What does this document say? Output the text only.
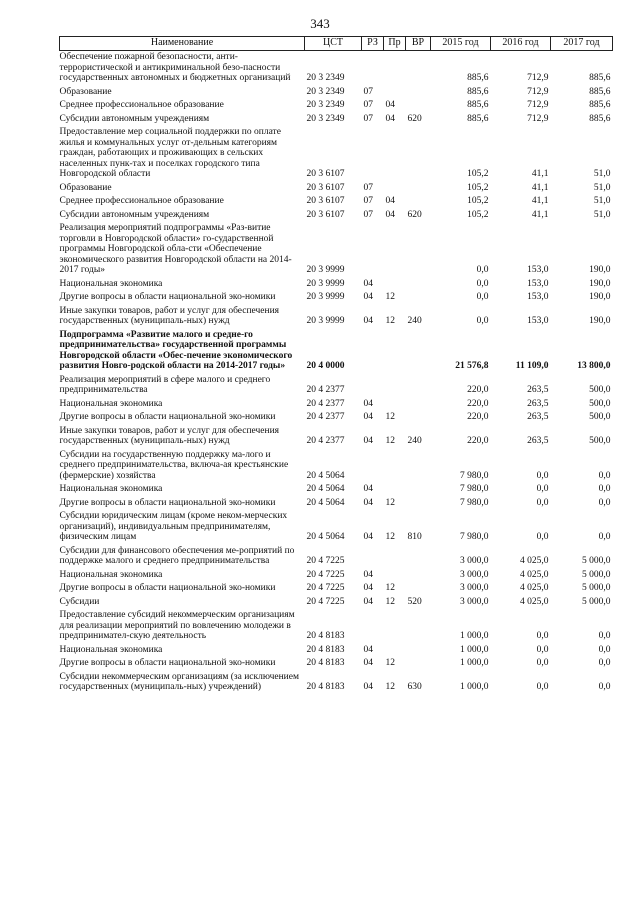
343
Наименование	ЦСТ	РЗ	Пр	ВР	2015 год	2016 год	2017 год
Обеспечение пожарной безопасности, анти-террористической и антикриминальной безо-пасности государственных автономных и бюджетных организаций	20 3 2349				885,6	712,9	885,6
Образование	20 3 2349	07			885,6	712,9	885,6
Среднее профессиональное образование	20 3 2349	07	04		885,6	712,9	885,6
Субсидии автономным учреждениям	20 3 2349	07	04	620	885,6	712,9	885,6
Предоставление мер социальной поддержки по оплате жилья и коммунальных услуг от-дельным категориям граждан, работающих и проживающих в сельских населенных пунк-тах и поселках городского типа Новгородской области	20 3 6107				105,2	41,1	51,0
Образование	20 3 6107	07			105,2	41,1	51,0
Среднее профессиональное образование	20 3 6107	07	04		105,2	41,1	51,0
Субсидии автономным учреждениям	20 3 6107	07	04	620	105,2	41,1	51,0
Реализация мероприятий подпрограммы «Раз-витие торговли в Новгородской области» го-сударственной программы Новгородской обла-сти «Обеспечение экономического развития Новгородской области на 2014-2017 годы»	20 3 9999				0,0	153,0	190,0
Национальная экономика	20 3 9999	04			0,0	153,0	190,0
Другие вопросы в области национальной эко-номики	20 3 9999	04	12		0,0	153,0	190,0
Иные закупки товаров, работ и услуг для обеспечения государственных (муниципаль-ных) нужд	20 3 9999	04	12	240	0,0	153,0	190,0
Подпрограмма «Развитие малого и средне-го предпринимательства» государственной программы Новгородской области «Обес-печение экономического развития Новго-родской области на 2014-2017 годы»	20 4 0000				21 576,8	11 109,0	13 800,0
Реализация мероприятий в сфере малого и среднего предпринимательства	20 4 2377				220,0	263,5	500,0
Национальная экономика	20 4 2377	04			220,0	263,5	500,0
Другие вопросы в области национальной эко-номики	20 4 2377	04	12		220,0	263,5	500,0
Иные закупки товаров, работ и услуг для обеспечения государственных (муниципаль-ных) нужд	20 4 2377	04	12	240	220,0	263,5	500,0
Субсидии на государственную поддержку ма-лого и среднего предпринимательства, включа-ая крестьянские (фермерские) хозяйства	20 4 5064				7 980,0	0,0	0,0
Национальная экономика	20 4 5064	04			7 980,0	0,0	0,0
Другие вопросы в области национальной эко-номики	20 4 5064	04	12		7 980,0	0,0	0,0
Субсидии юридическим лицам (кроме неком-мерческих организаций), индивидуальным предпринимателям, физическим лицам	20 4 5064	04	12	810	7 980,0	0,0	0,0
Субсидии для финансового обеспечения ме-роприятий по поддержке малого и среднего предпринимательства	20 4 7225				3 000,0	4 025,0	5 000,0
Национальная экономика	20 4 7225	04			3 000,0	4 025,0	5 000,0
Другие вопросы в области национальной эко-номики	20 4 7225	04	12		3 000,0	4 025,0	5 000,0
Субсидии	20 4 7225	04	12	520	3 000,0	4 025,0	5 000,0
Предоставление субсидий некоммерческим организациям для реализации мероприятий по вовлечению молодежи в предпринимател-скую деятельность	20 4 8183				1 000,0	0,0	0,0
Национальная экономика	20 4 8183	04			1 000,0	0,0	0,0
Другие вопросы в области национальной эко-номики	20 4 8183	04	12		1 000,0	0,0	0,0
Субсидии некоммерческим организациям (за исключением государственных (муниципаль-ных) учреждений)	20 4 8183	04	12	630	1 000,0	0,0	0,0
